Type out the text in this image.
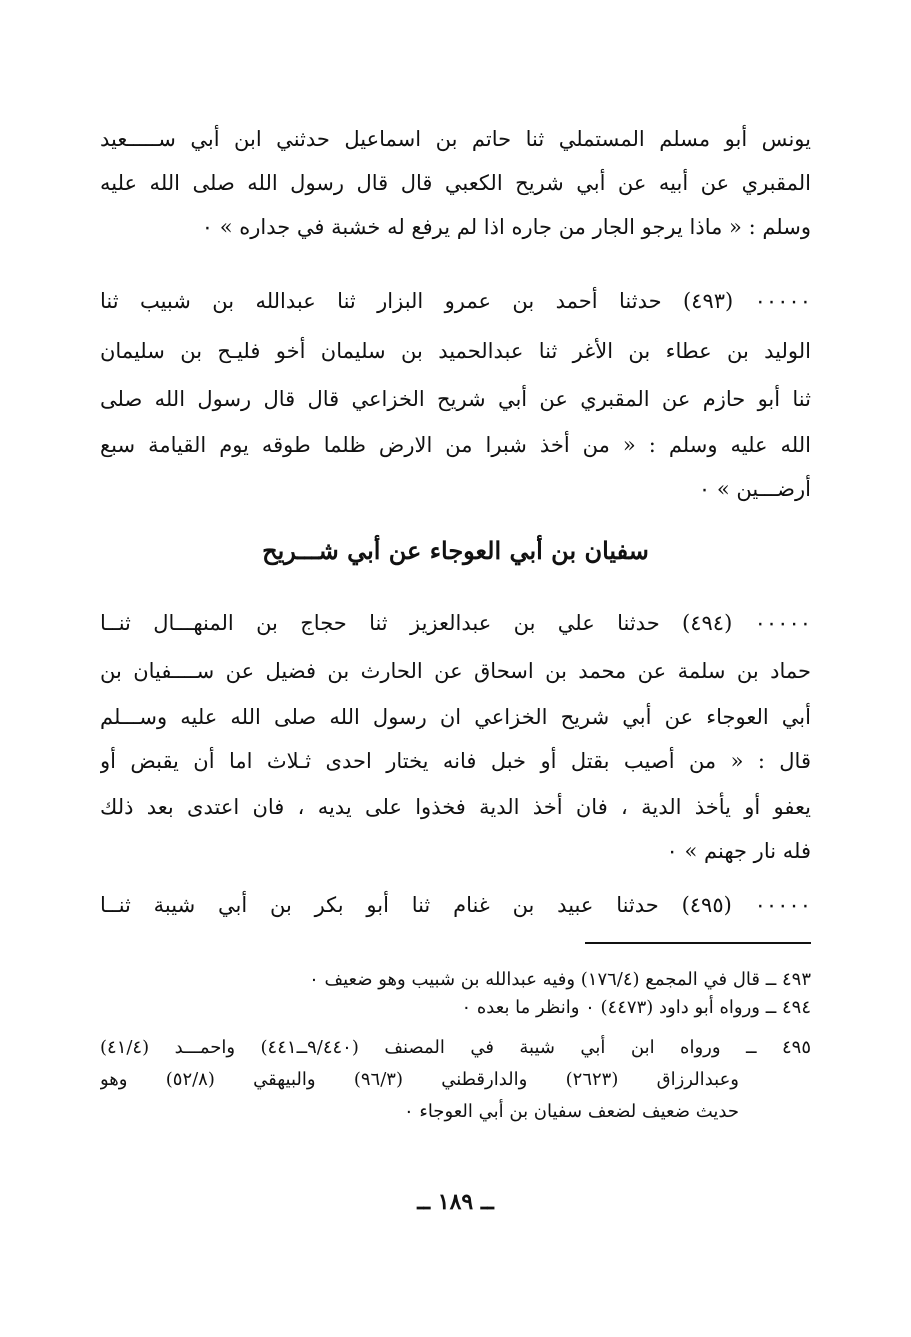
يونس أبو مسلم المستملي ثنا حاتم بن اسماعيل حدثني ابن أبي ســـــعيد
المقبري عن أبيه عن أبي شريح الكعبي قال قال رسول الله صلى الله عليه
وسلم : « ماذا يرجو الجار من جاره اذا لم يرفع له خشبة في جداره » ٠
٠٠٠٠٠ (٤٩٣) حدثنا أحمد بن عمرو البزار ثنا عبدالله بن شبيب ثنا
الوليد بن عطاء بن الأغر ثنا عبدالحميد بن سليمان أخو فليـح بن سليمان
ثنا أبو حازم عن المقبري عن أبي شريح الخزاعي قال قال رسول الله صلى
الله عليه وسلم : « من أخذ شبرا من الارض ظلما طوقه يوم القيامة سبع
أرضـــين » ٠
سفيان بن أبي العوجاء عن أبي شـــريح
٠٠٠٠٠ (٤٩٤) حدثنا علي بن عبدالعزيز ثنا حجاج بن المنهـــال ثنــا
حماد بن سلمة عن محمد بن اسحاق عن الحارث بن فضيل عن ســــفيان بن
أبي العوجاء عن أبي شريح الخزاعي ان رسول الله صلى الله عليه وســـلم
قال : « من أصيب بقتل أو خبل فانه يختار احدى ثـلاث اما أن يقبض أو
يعفو أو يأخذ الدية ، فان أخذ الدية فخذوا على يديه ، فان اعتدى بعد ذلك
فله نار جهنم » ٠
٠٠٠٠٠ (٤٩٥) حدثنا عبيد بن غنام ثنا أبو بكر بن أبي شيبة ثنــا
٤٩٣ ــ قال في المجمع (١٧٦/٤) وفيه عبدالله بن شبيب وهو ضعيف ٠
٤٩٤ ــ ورواه أبو داود (٤٤٧٣) ٠ وانظر ما بعده ٠
٤٩٥ ــ ورواه ابن أبي شيبة في المصنف (٩/٤٤٠ــ٤٤١) واحمـــد (٤١/٤)
وعبدالرزاق (٢٦٢٣) والدارقطني (٩٦/٣) والبيهقي (٥٢/٨) وهو
حديث ضعيف لضعف سفيان بن أبي العوجاء ٠
ــ ١٨٩ ــ
